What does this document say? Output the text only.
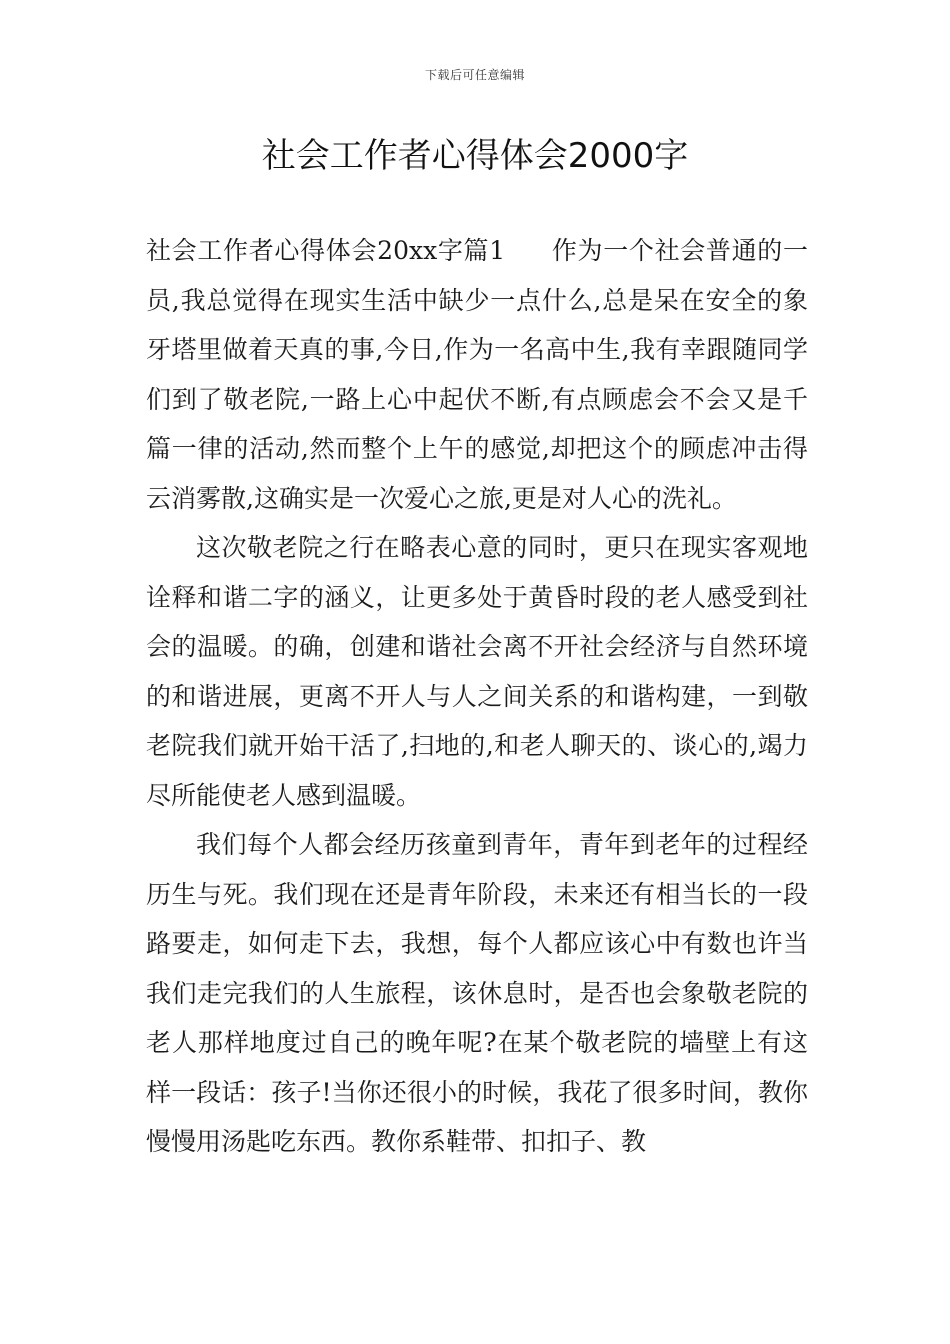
下载后可任意编辑
社会工作者心得体会2000字

社会工作者心得体会20xx字篇1 作为一个社会普通的一员,我总觉得在现实生活中缺少一点什么,总是呆在安全的象牙塔里做着天真的事,今日,作为一名高中生,我有幸跟随同学们到了敬老院,一路上心中起伏不断,有点顾虑会不会又是千篇一律的活动,然而整个上午的感觉,却把这个的顾虑冲击得云消雾散,这确实是一次爱心之旅,更是对人心的洗礼。

这次敬老院之行在略表心意的同时，更只在现实客观地诠释和谐二字的涵义，让更多处于黄昏时段的老人感受到社会的温暖。的确，创建和谐社会离不开社会经济与自然环境的和谐进展，更离不开人与人之间关系的和谐构建，一到敬老院我们就开始干活了,扫地的,和老人聊天的、谈心的,竭力尽所能使老人感到温暖。

我们每个人都会经历孩童到青年，青年到老年的过程经历生与死。我们现在还是青年阶段，未来还有相当长的一段路要走，如何走下去，我想，每个人都应该心中有数也许当我们走完我们的人生旅程，该休息时，是否也会象敬老院的老人那样地度过自己的晚年呢?在某个敬老院的墙壁上有这样一段话：孩子!当你还很小的时候，我花了很多时间，教你慢慢用汤匙吃东西。教你系鞋带、扣扣子、教
